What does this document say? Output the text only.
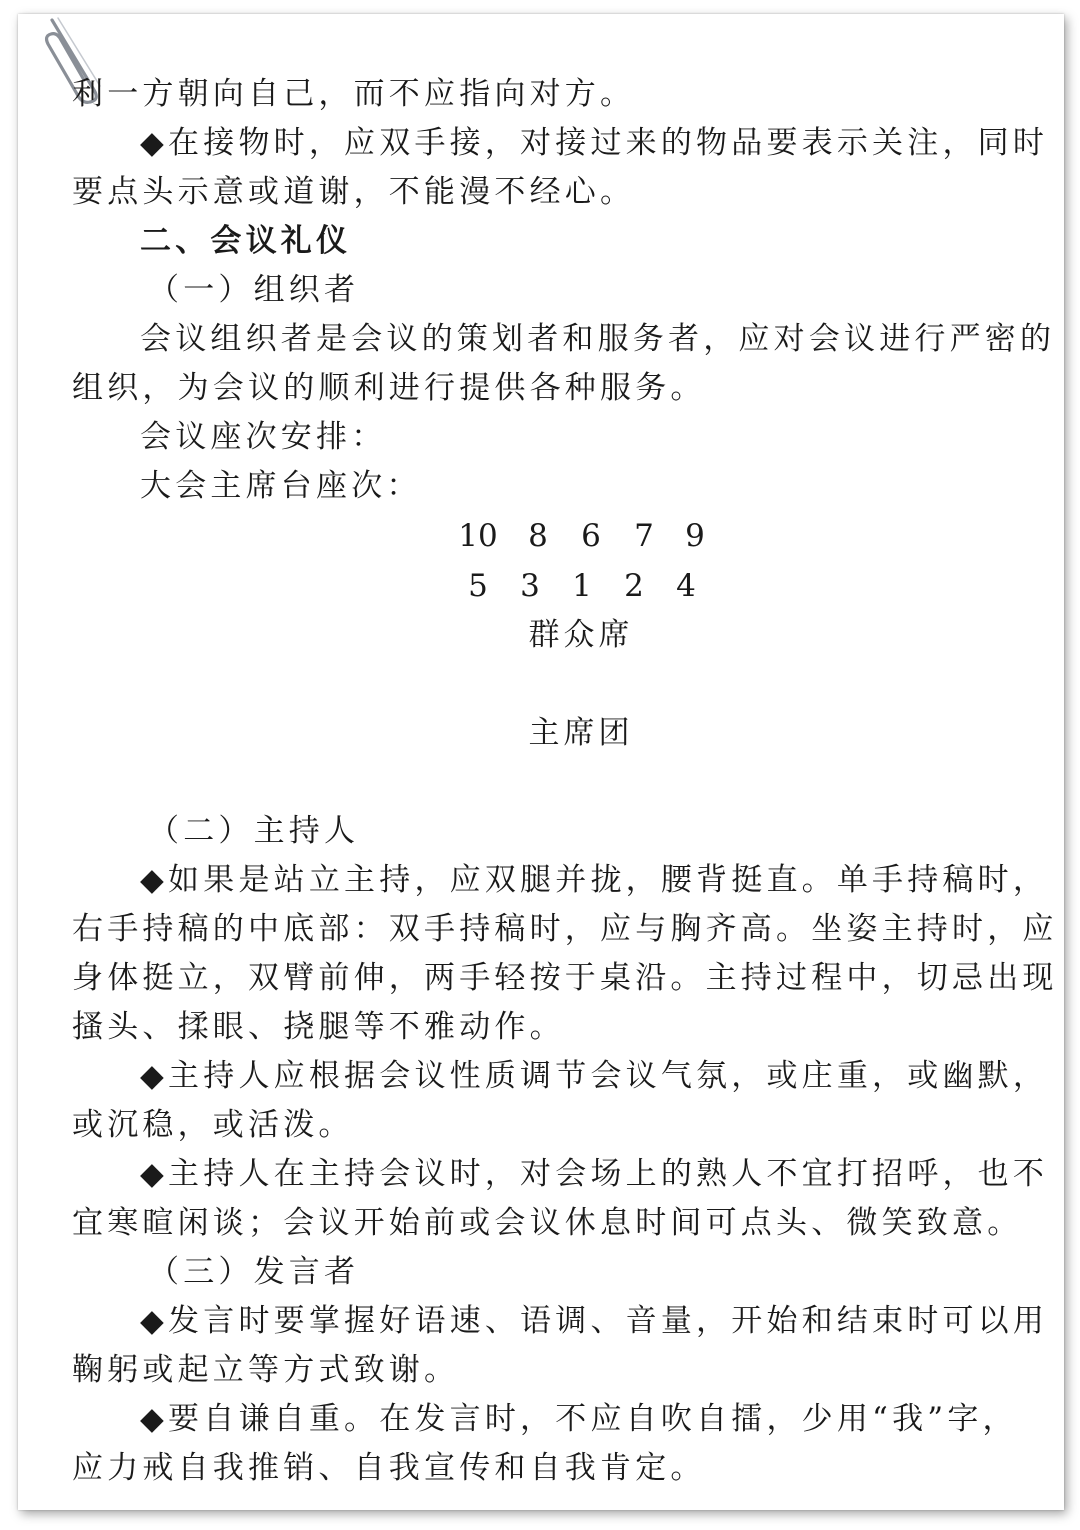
利一方朝向自己，而不应指向对方。
◆在接物时，应双手接，对接过来的物品要表示关注，同时
要点头示意或道谢，不能漫不经心。
二、会议礼仪
（一）组织者
会议组织者是会议的策划者和服务者，应对会议进行严密的
组织，为会议的顺利进行提供各种服务。
会议座次安排：
大会主席台座次：
10 8	6	7	9
5	3	1	2	4
群众席
主席团
（二）主持人
◆如果是站立主持，应双腿并拢，腰背挺直。单手持稿时，
右手持稿的中底部：双手持稿时，应与胸齐高。坐姿主持时，应
身体挺立，双臂前伸，两手轻按于桌沿。主持过程中，切忌出现
搔头、揉眼、挠腿等不雅动作。
◆主持人应根据会议性质调节会议气氛，或庄重，或幽默，
或沉稳，或活泼。
◆主持人在主持会议时，对会场上的熟人不宜打招呼，也不
宜寒暄闲谈；会议开始前或会议休息时间可点头、微笑致意。
（三）发言者
◆发言时要掌握好语速、语调、音量，开始和结束时可以用
鞠躬或起立等方式致谢。
◆要自谦自重。在发言时，不应自吹自擂，少用“我”字，
应力戒自我推销、自我宣传和自我肯定。
